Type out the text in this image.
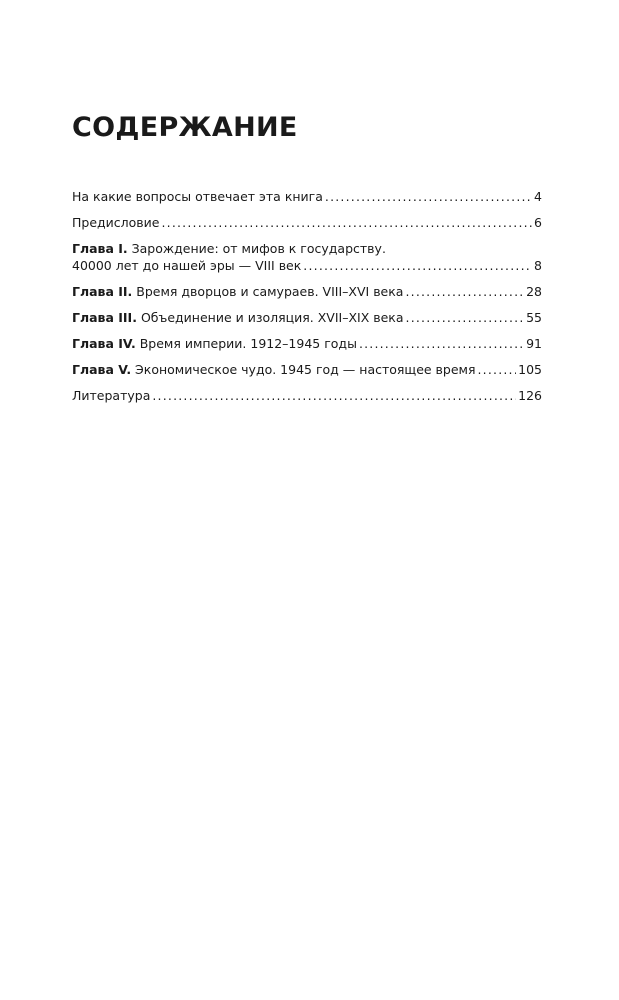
СОДЕРЖАНИЕ
На какие вопросы отвечает эта книга .....	4
Предисловие .....	6
Глава I. Зарождение: от мифов к государству.
40000 лет до нашей эры — VIII век .....	8
Глава II. Время дворцов и самураев. VIII–XVI века .....	28
Глава III. Объединение и изоляция. XVII–XIX века .....	55
Глава IV. Время империи. 1912–1945 годы .....	91
Глава V. Экономическое чудо. 1945 год — настоящее время .....	105
Литература .....	126
